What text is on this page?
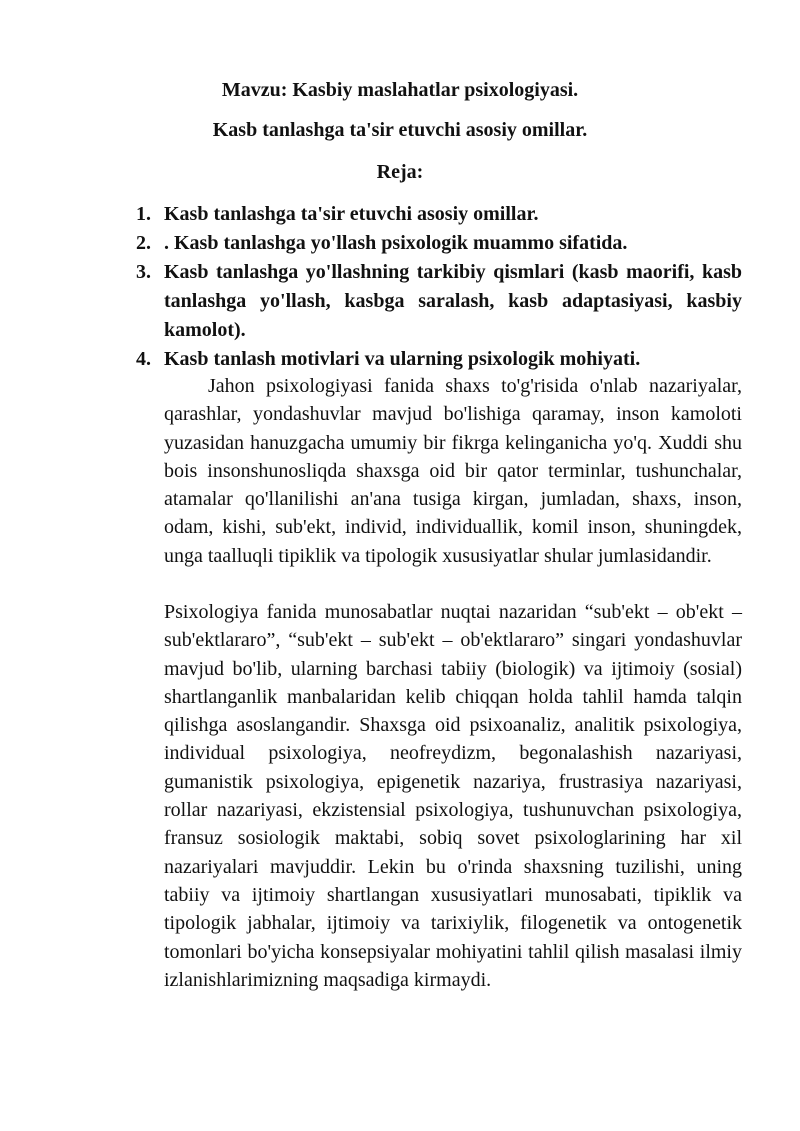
Mavzu: Kasbiy maslahatlar psixologiyasi.
Kasb tanlashga ta'sir etuvchi asosiy omillar.
Reja:
1. Kasb tanlashga ta'sir etuvchi asosiy omillar.
2. . Kasb tanlashga yo'llash psixologik muammo sifatida.
3. Kasb tanlashga yo'llashning tarkibiy qismlari (kasb maorifi, kasb tanlashga yo'llash, kasbga saralash, kasb adaptasiyasi, kasbiy kamolot).
4. Kasb tanlash motivlari va ularning psixologik mohiyati.

Jahon psixologiyasi fanida shaxs to'g'risida o'nlab nazariyalar, qarashlar, yondashuvlar mavjud bo'lishiga qaramay, inson kamoloti yuzasidan hanuzgacha umumiy bir fikrga kelinganicha yo'q. Xuddi shu bois insonshunosliqda shaxsga oid bir qator terminlar, tushunchalar, atamalar qo'llanilishi an'ana tusiga kirgan, jumladan, shaxs, inson, odam, kishi, sub'ekt, individ, individuallik, komil inson, shuningdek, unga taalluqli tipiklik va tipologik xususiyatlar shular jumlasidandir.

Psixologiya fanida munosabatlar nuqtai nazaridan “sub'ekt – ob'ekt – sub'ektlararo”, “sub'ekt – sub'ekt – ob'ektlararo” singari yondashuvlar mavjud bo'lib, ularning barchasi tabiiy (biologik) va ijtimoiy (sosial) shartlanganlik manbalaridan kelib chiqqan holda tahlil hamda talqin qilishga asoslangandir. Shaxsga oid psixoanaliz, analitik psixologiya, individual psixologiya, neofreydizm, begonalashish nazariyasi, gumanistik psixologiya, epigenetik nazariya, frustrasiya nazariyasi, rollar nazariyasi, ekzistensial psixologiya, tushunuvchan psixologiya, fransuz sosiologik maktabi, sobiq sovet psixologlarining har xil nazariyalari mavjuddir. Lekin bu o'rinda shaxsning tuzilishi, uning tabiiy va ijtimoiy shartlangan xususiyatlari munosabati, tipiklik va tipologik jabhalar, ijtimoiy va tarixiylik, filogenetik va ontogenetik tomonlari bo'yicha konsepsiyalar mohiyatini tahlil qilish masalasi ilmiy izlanishlarimizning maqsadiga kirmaydi.
